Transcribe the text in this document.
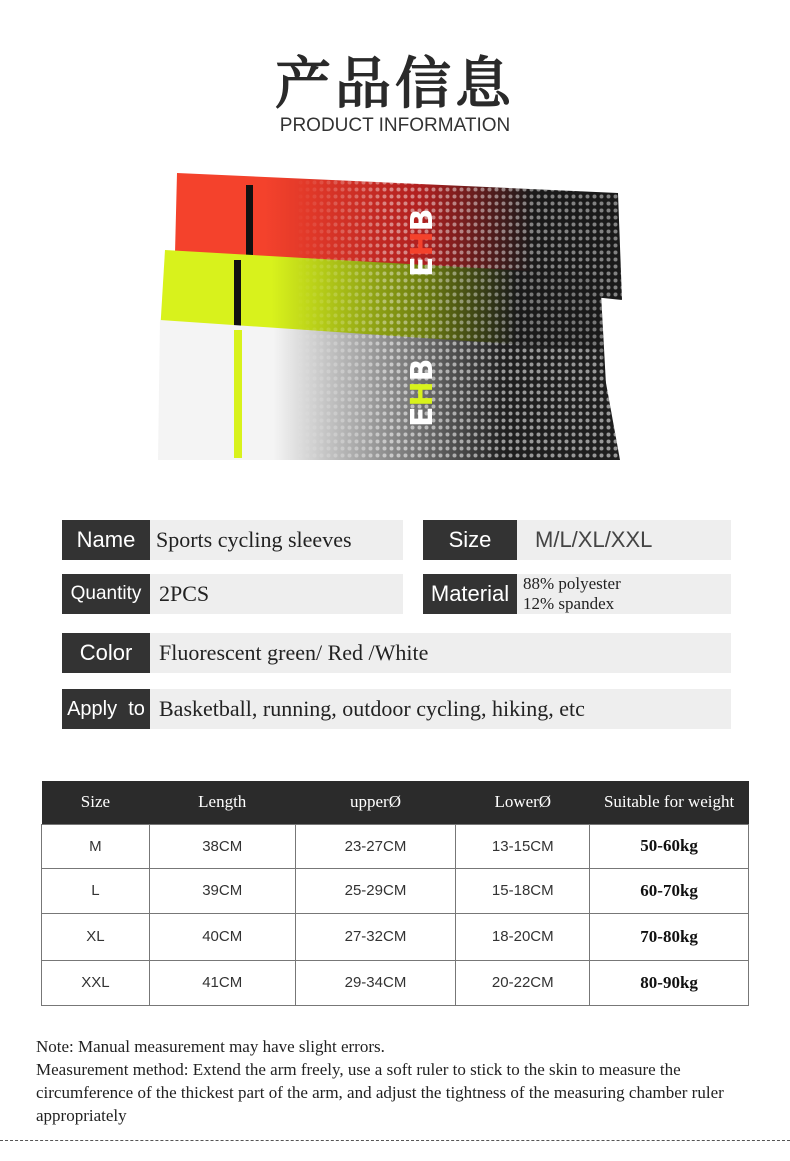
产品信息
PRODUCT INFORMATION
EHB
EHB
Name Sports cycling sleeves	Size	M/L/XL/XXL
Quantity 2PCS	Material 88% polyester
12% spandex
Color	Fluorescent green/ Red /White
Apply  to Basketball, running, outdoor cycling, hiking, etc
Size	Length	upperØ	LowerØ	Suitable for weight
M	38CM	23-27CM	13-15CM	50-60kg
L	39CM	25-29CM	15-18CM	60-70kg
XL	40CM	27-32CM	18-20CM	70-80kg
XXL	41CM	29-34CM	20-22CM	80-90kg
Note: Manual measurement may have slight errors.
Measurement method: Extend the arm freely, use a soft ruler to stick to the skin to measure the circumference of the thickest part of the arm, and adjust the tightness of the measuring chamber ruler appropriately
